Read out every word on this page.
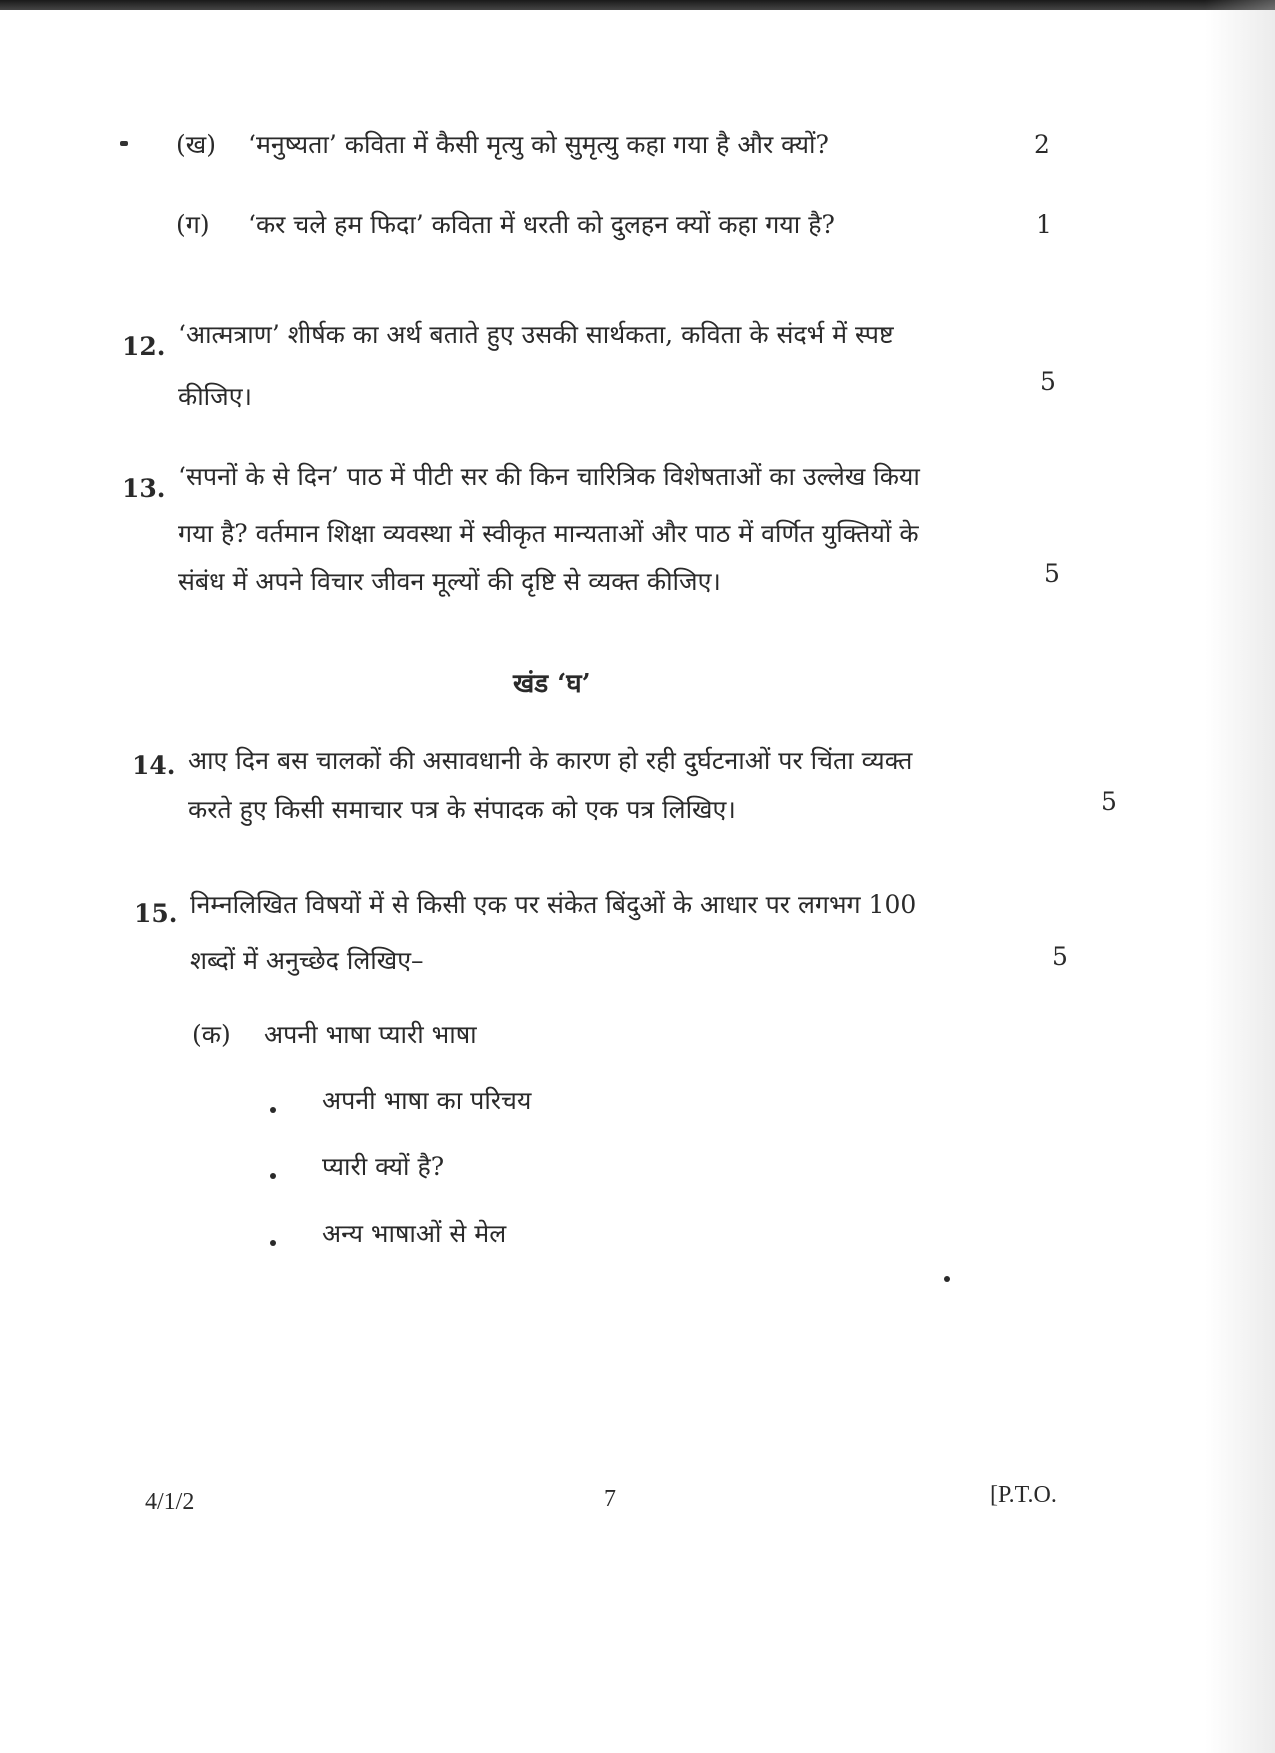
(ख) ‘मनुष्यता’ कविता में कैसी मृत्यु को सुमृत्यु कहा गया है और क्यों?	2
(ग) ‘कर चले हम फिदा’ कविता में धरती को दुलहन क्यों कहा गया है?	1
12. ‘आत्मत्राण’ शीर्षक का अर्थ बताते हुए उसकी सार्थकता, कविता के संदर्भ में स्पष्ट
कीजिए।
5
13. ‘सपनों के से दिन’ पाठ में पीटी सर की किन चारित्रिक विशेषताओं का उल्लेख किया
गया है? वर्तमान शिक्षा व्यवस्था में स्वीकृत मान्यताओं और पाठ में वर्णित युक्तियों के
संबंध में अपने विचार जीवन मूल्यों की दृष्टि से व्यक्त कीजिए।	5
खंड ‘घ’
14. आए दिन बस चालकों की असावधानी के कारण हो रही दुर्घटनाओं पर चिंता व्यक्त
करते हुए किसी समाचार पत्र के संपादक को एक पत्र लिखिए।	5
15. निम्नलिखित विषयों में से किसी एक पर संकेत बिंदुओं के आधार पर लगभग 100
शब्दों में अनुच्छेद लिखिए–	5
(क) अपनी भाषा प्यारी भाषा
अपनी भाषा का परिचय
प्यारी क्यों है?
अन्य भाषाओं से मेल
4/1/2	7	[P.T.O.
